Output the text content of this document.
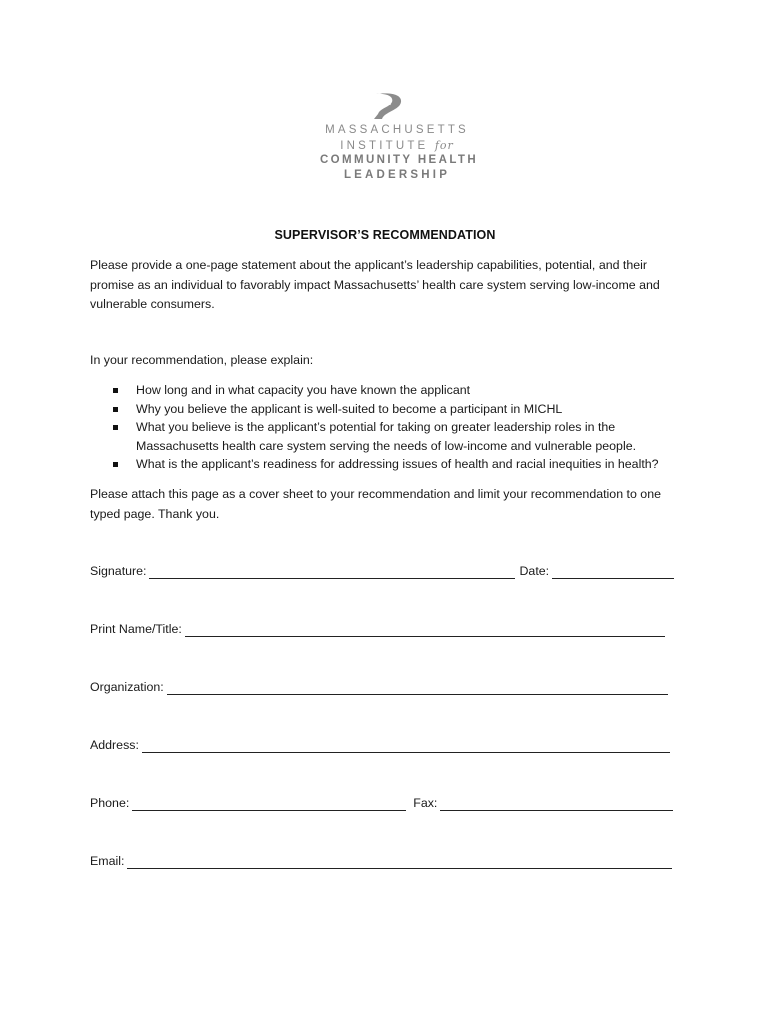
MASSACHUSETTS
INSTITUTE for
COMMUNITY HEALTH
LEADERSHIP
SUPERVISOR’S RECOMMENDATION
Please provide a one-page statement about the applicant’s leadership capabilities, potential, and their promise as an individual to favorably impact Massachusetts’ health care system serving low-income and vulnerable consumers.
In your recommendation, please explain:
How long and in what capacity you have known the applicant
Why you believe the applicant is well-suited to become a participant in MICHL
What you believe is the applicant’s potential for taking on greater leadership roles in the Massachusetts health care system serving the needs of low-income and vulnerable people.
What is the applicant’s readiness for addressing issues of health and racial inequities in health?
Please attach this page as a cover sheet to your recommendation and limit your recommendation to one typed page. Thank you.
Signature:	Date:
Print Name/Title:
Organization:
Address:
Phone:	Fax:
Email:
